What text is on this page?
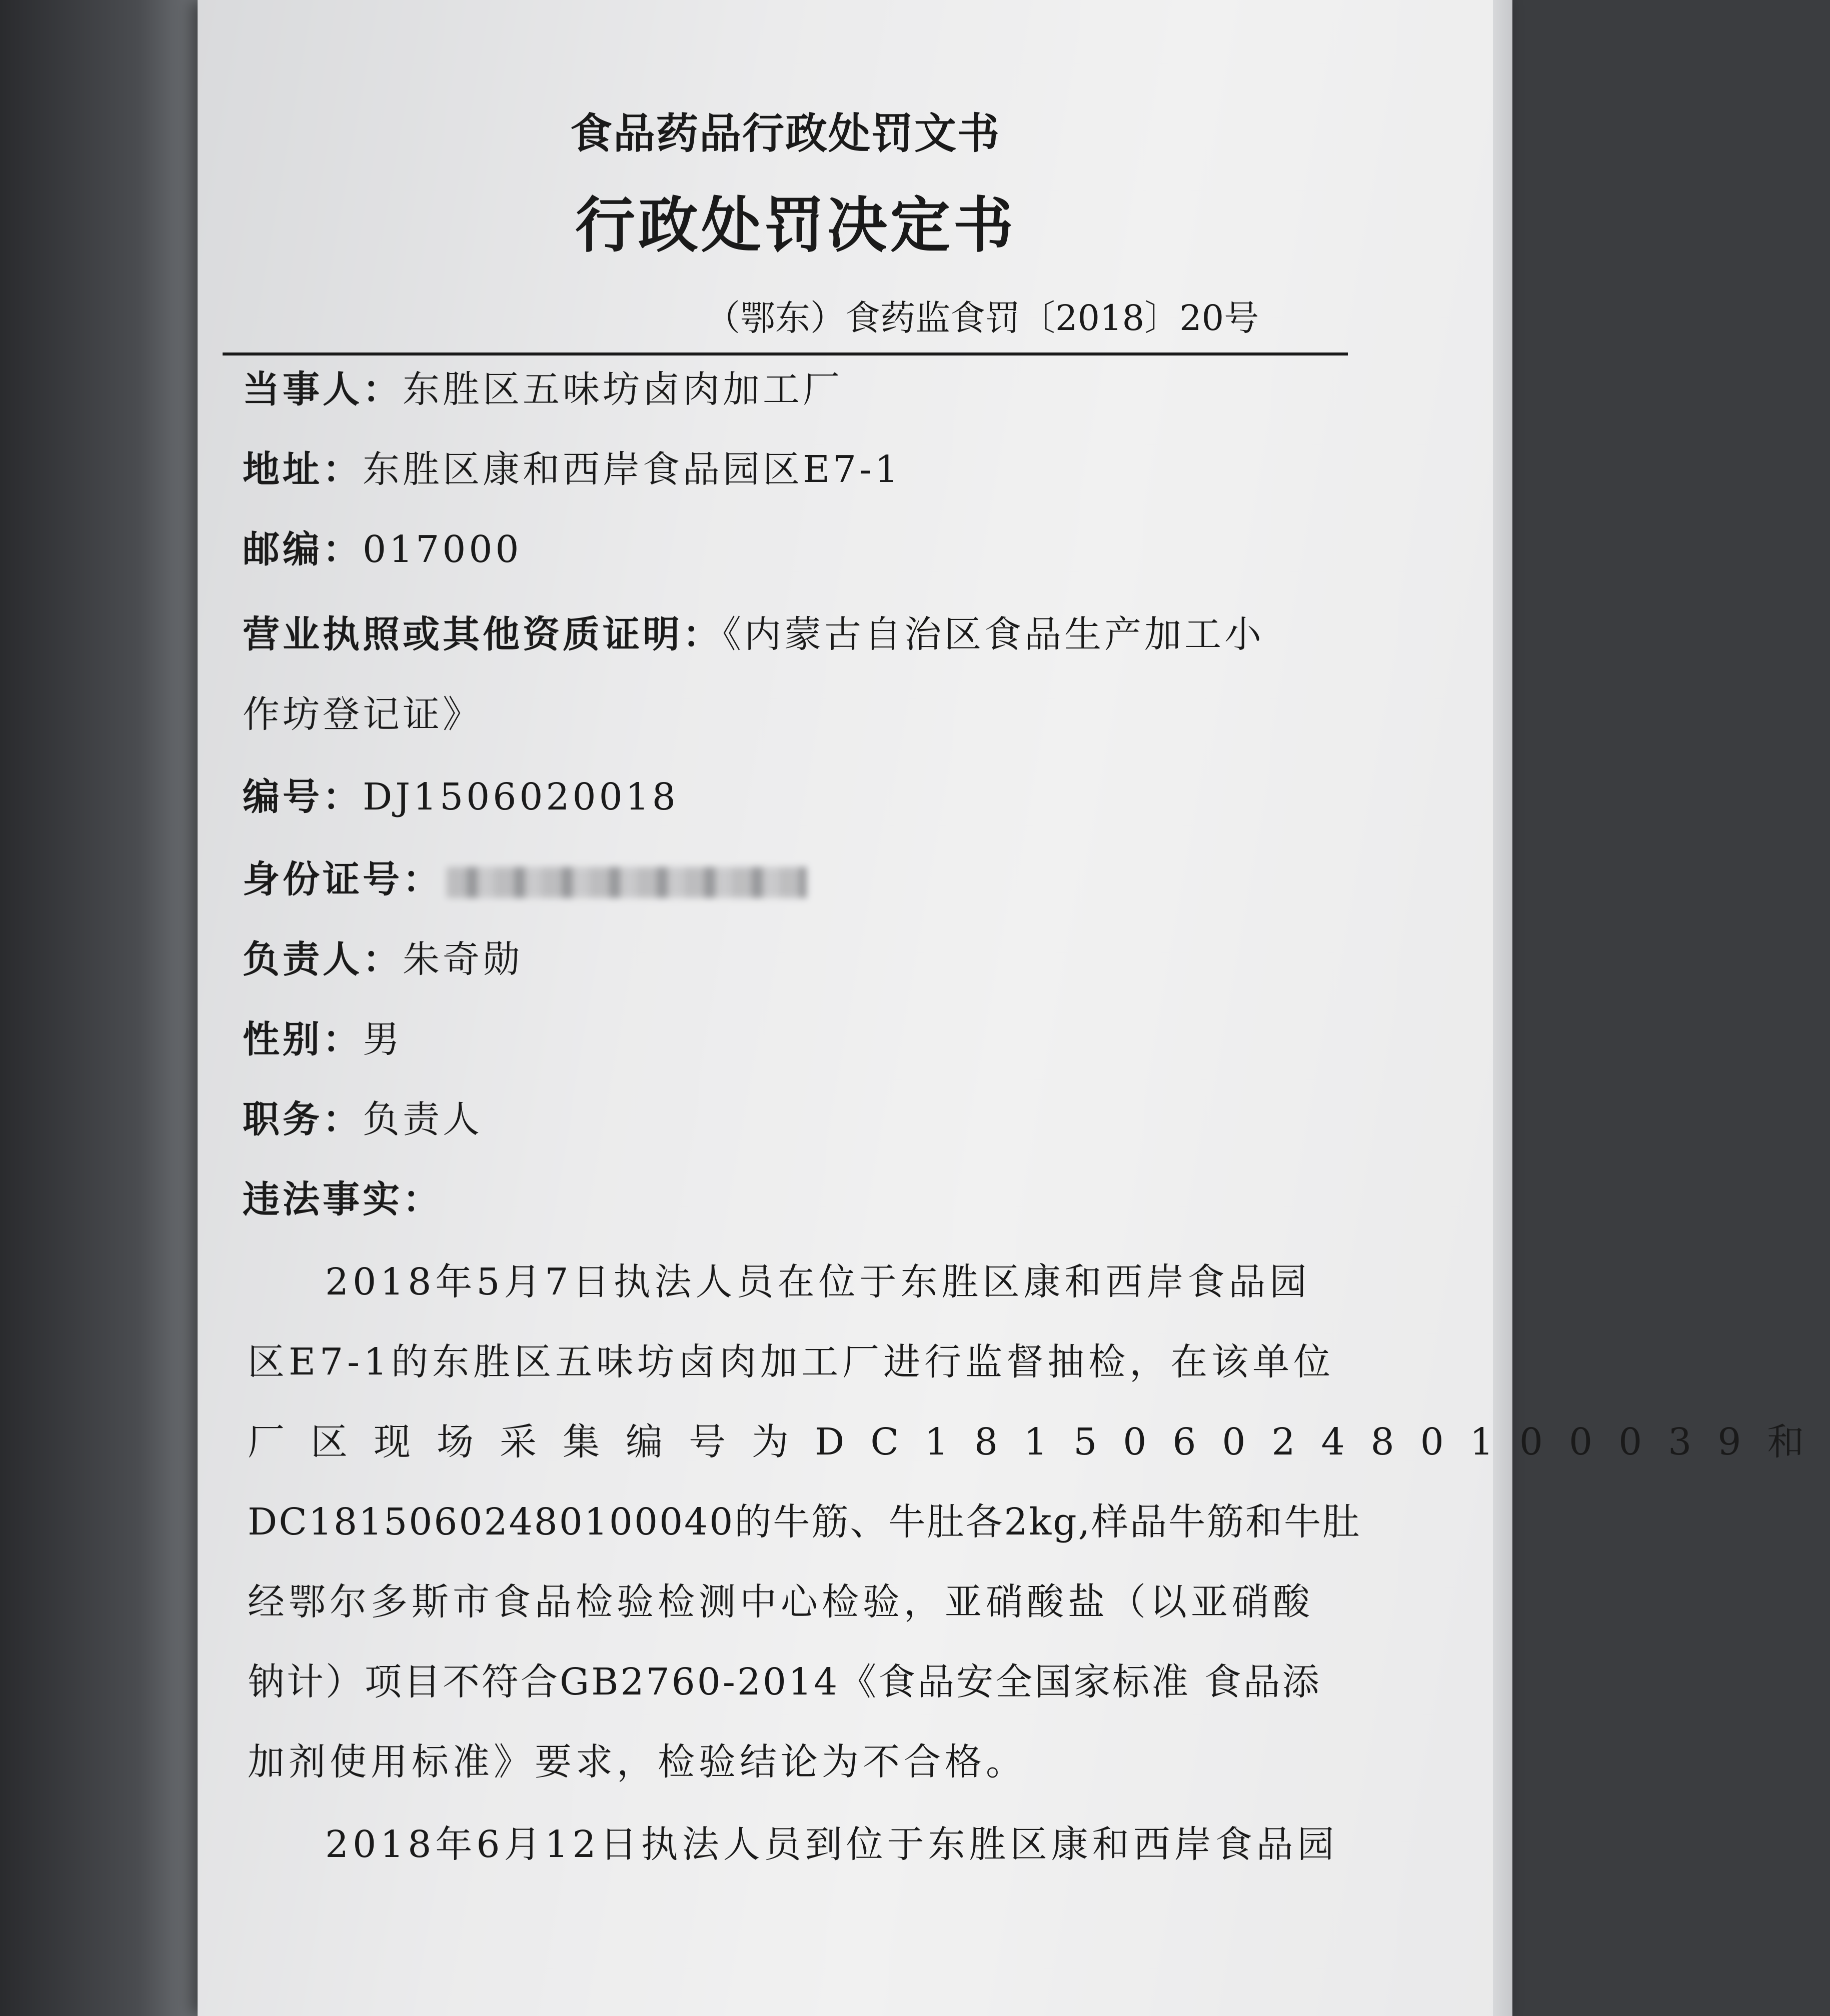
食品药品行政处罚文书
行政处罚决定书
（鄂东）食药监食罚〔2018〕20号
当事人：东胜区五味坊卤肉加工厂
地址：东胜区康和西岸食品园区E7-1
邮编：017000
营业执照或其他资质证明：《内蒙古自治区食品生产加工小
作坊登记证》
编号：DJ1506020018
身份证号：
负责人：朱奇勋
性别：男
职务：负责人
违法事实：
2018年5月7日执法人员在位于东胜区康和西岸食品园
区E7-1的东胜区五味坊卤肉加工厂进行监督抽检，在该单位
厂区现场采集编号为DC18150602480100039和
DC18150602480100040的牛筋、牛肚各2kg,样品牛筋和牛肚
经鄂尔多斯市食品检验检测中心检验，亚硝酸盐（以亚硝酸
钠计）项目不符合GB2760-2014《食品安全国家标准 食品添
加剂使用标准》要求，检验结论为不合格。
2018年6月12日执法人员到位于东胜区康和西岸食品园
